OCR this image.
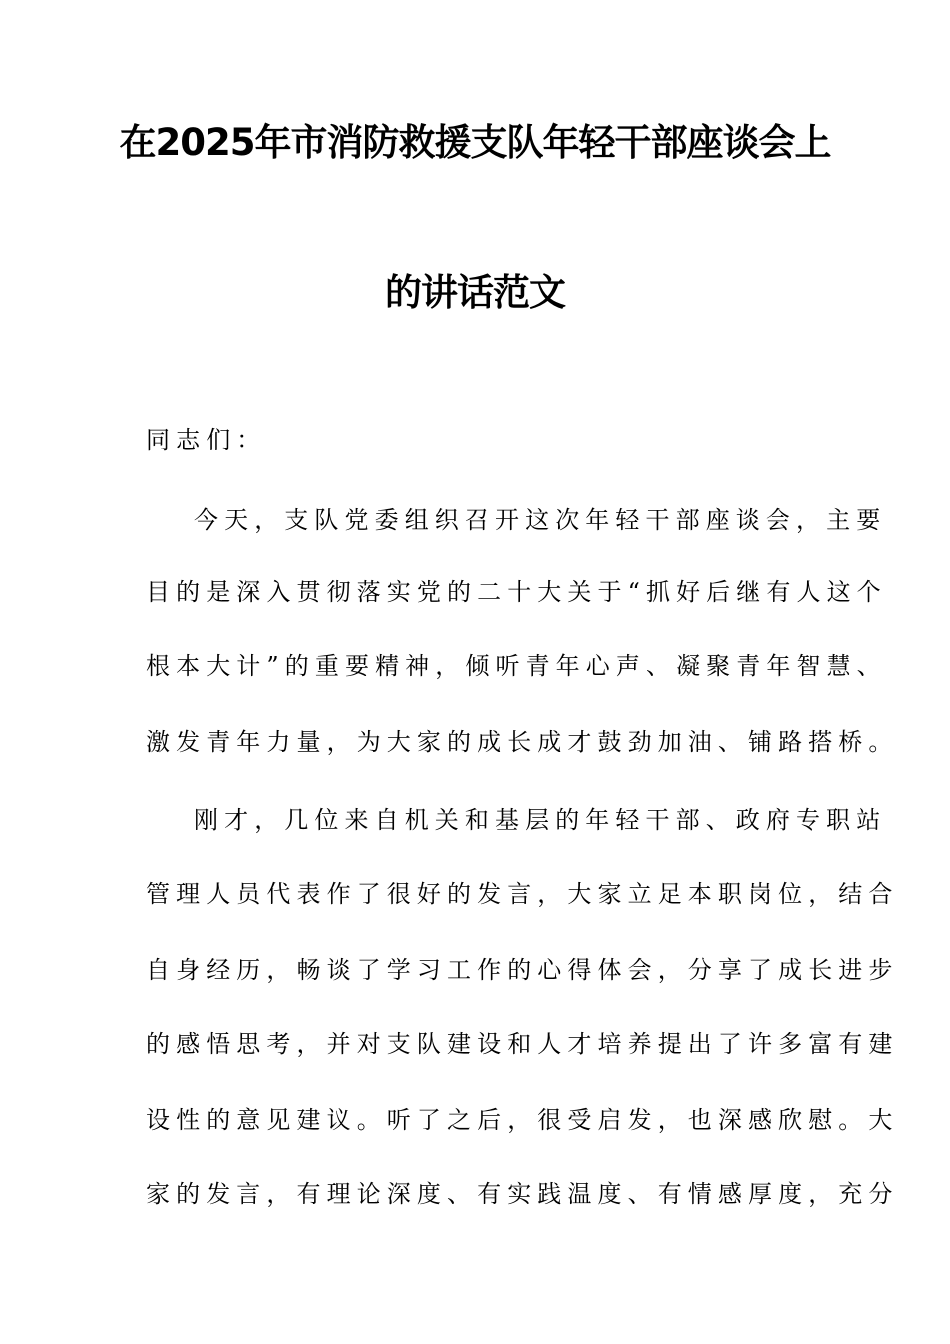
在2025年市消防救援支队年轻干部座谈会上
的讲话范文
同志们：
今天，支队党委组织召开这次年轻干部座谈会，主要
目的是深入贯彻落实党的二十大关于“抓好后继有人这个
根本大计”的重要精神，倾听青年心声、凝聚青年智慧、
激发青年力量，为大家的成长成才鼓劲加油、铺路搭桥。
刚才，几位来自机关和基层的年轻干部、政府专职站
管理人员代表作了很好的发言，大家立足本职岗位，结合
自身经历，畅谈了学习工作的心得体会，分享了成长进步
的感悟思考，并对支队建设和人才培养提出了许多富有建
设性的意见建议。听了之后，很受启发，也深感欣慰。大
家的发言，有理论深度、有实践温度、有情感厚度，充分
